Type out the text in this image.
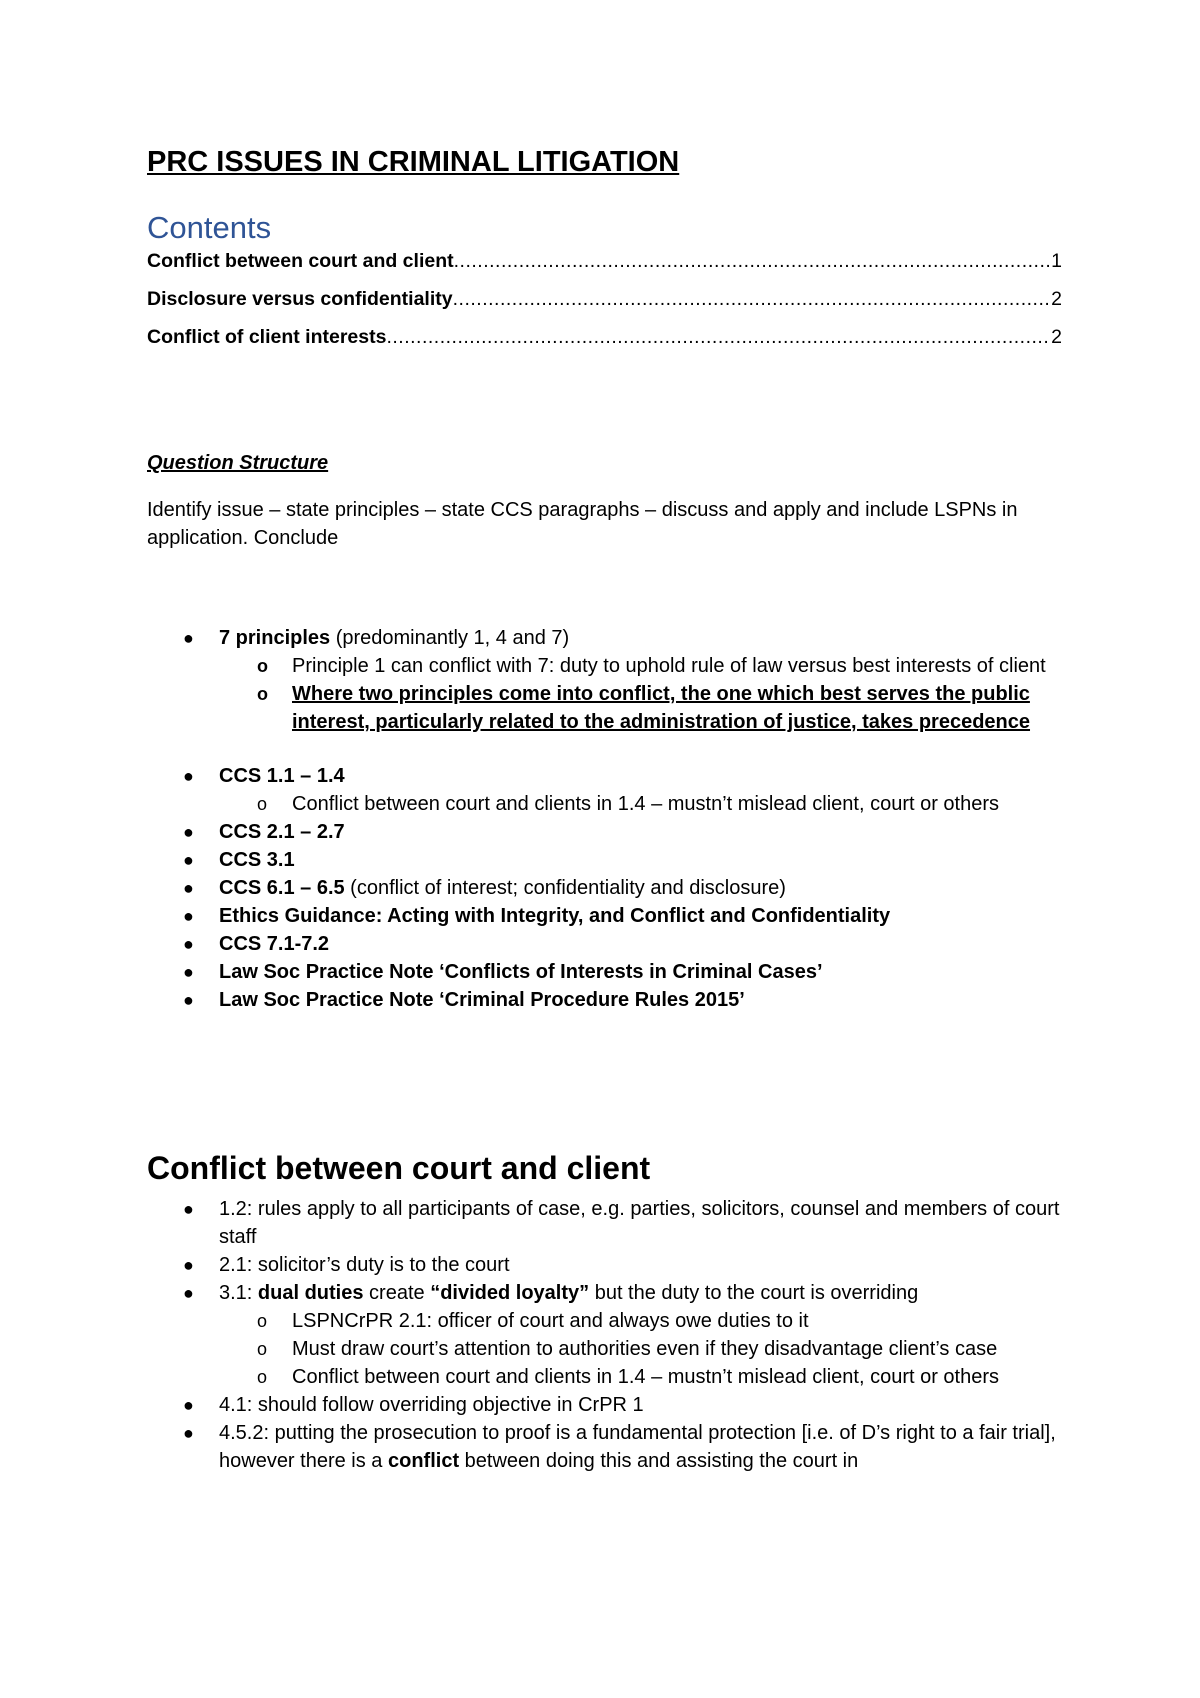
PRC ISSUES IN CRIMINAL LITIGATION
Contents
Conflict between court and client .....	1
Disclosure versus confidentiality .....	2
Conflict of client interests .....	2
Question Structure

Identify issue – state principles – state CCS paragraphs – discuss and apply and include LSPNs in application. Conclude

● 7 principles (predominantly 1, 4 and 7)
o Principle 1 can conflict with 7: duty to uphold rule of law versus best interests of client
o Where two principles come into conflict, the one which best serves the public interest, particularly related to the administration of justice, takes precedence
● CCS 1.1 – 1.4
o Conflict between court and clients in 1.4 – mustn’t mislead client, court or others
● CCS 2.1 – 2.7
● CCS 3.1
● CCS 6.1 – 6.5 (conflict of interest; confidentiality and disclosure)
● Ethics Guidance: Acting with Integrity, and Conflict and Confidentiality
● CCS 7.1-7.2
● Law Soc Practice Note ‘Conflicts of Interests in Criminal Cases’
● Law Soc Practice Note ‘Criminal Procedure Rules 2015’
Conflict between court and client
● 1.2: rules apply to all participants of case, e.g. parties, solicitors, counsel and members of court staff
● 2.1: solicitor’s duty is to the court
● 3.1: dual duties create “divided loyalty” but the duty to the court is overriding
o LSPNCrPR 2.1: officer of court and always owe duties to it
o Must draw court’s attention to authorities even if they disadvantage client’s case
o Conflict between court and clients in 1.4 – mustn’t mislead client, court or others
● 4.1: should follow overriding objective in CrPR 1
● 4.5.2: putting the prosecution to proof is a fundamental protection [i.e. of D’s right to a fair trial], however there is a conflict between doing this and assisting the court in
